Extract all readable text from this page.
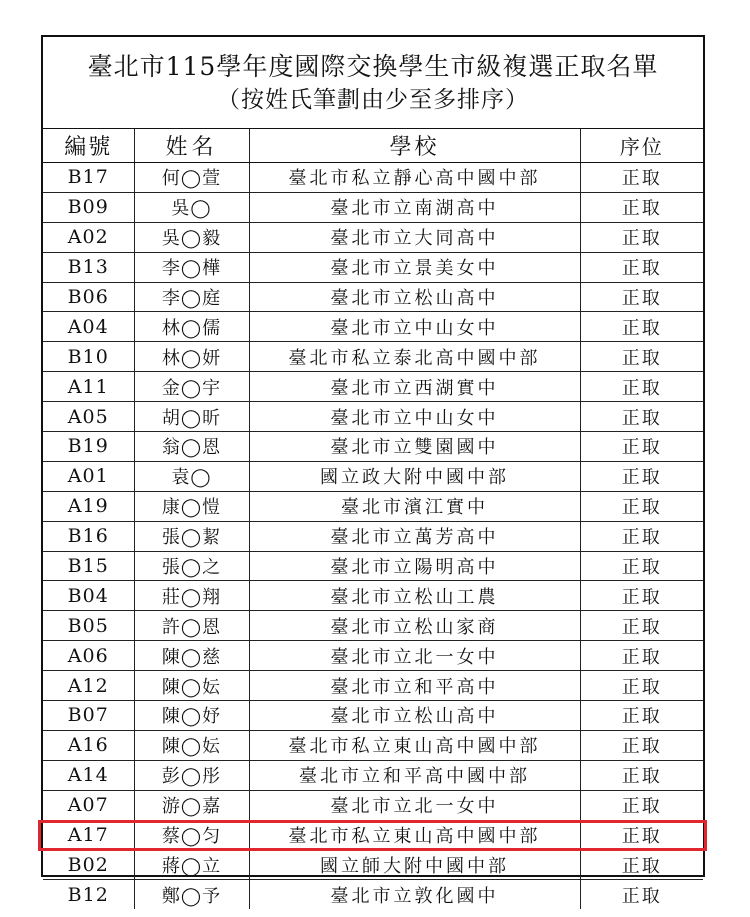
臺北市115學年度國際交換學生市級複選正取名單
（按姓氏筆劃由少至多排序）
編號	姓名	學校	序位
B17	何◯萱	臺北市私立靜心高中國中部	正取
B09	吳◯	臺北市立南湖高中	正取
A02	吳◯毅	臺北市立大同高中	正取
B13	李◯樺	臺北市立景美女中	正取
B06	李◯庭	臺北市立松山高中	正取
A04	林◯儒	臺北市立中山女中	正取
B10	林◯妍	臺北市私立泰北高中國中部	正取
A11	金◯宇	臺北市立西湖實中	正取
A05	胡◯昕	臺北市立中山女中	正取
B19	翁◯恩	臺北市立雙園國中	正取
A01	袁◯	國立政大附中國中部	正取
A19	康◯愷	臺北市濱江實中	正取
B16	張◯絜	臺北市立萬芳高中	正取
B15	張◯之	臺北市立陽明高中	正取
B04	莊◯翔	臺北市立松山工農	正取
B05	許◯恩	臺北市立松山家商	正取
A06	陳◯慈	臺北市立北一女中	正取
A12	陳◯妘	臺北市立和平高中	正取
B07	陳◯妤	臺北市立松山高中	正取
A16	陳◯妘	臺北市私立東山高中國中部	正取
A14	彭◯彤	臺北市立和平高中國中部	正取
A07	游◯嘉	臺北市立北一女中	正取
A17	蔡◯匀	臺北市私立東山高中國中部	正取
B02	蔣◯立	國立師大附中國中部	正取
B12	鄭◯予	臺北市立敦化國中	正取
